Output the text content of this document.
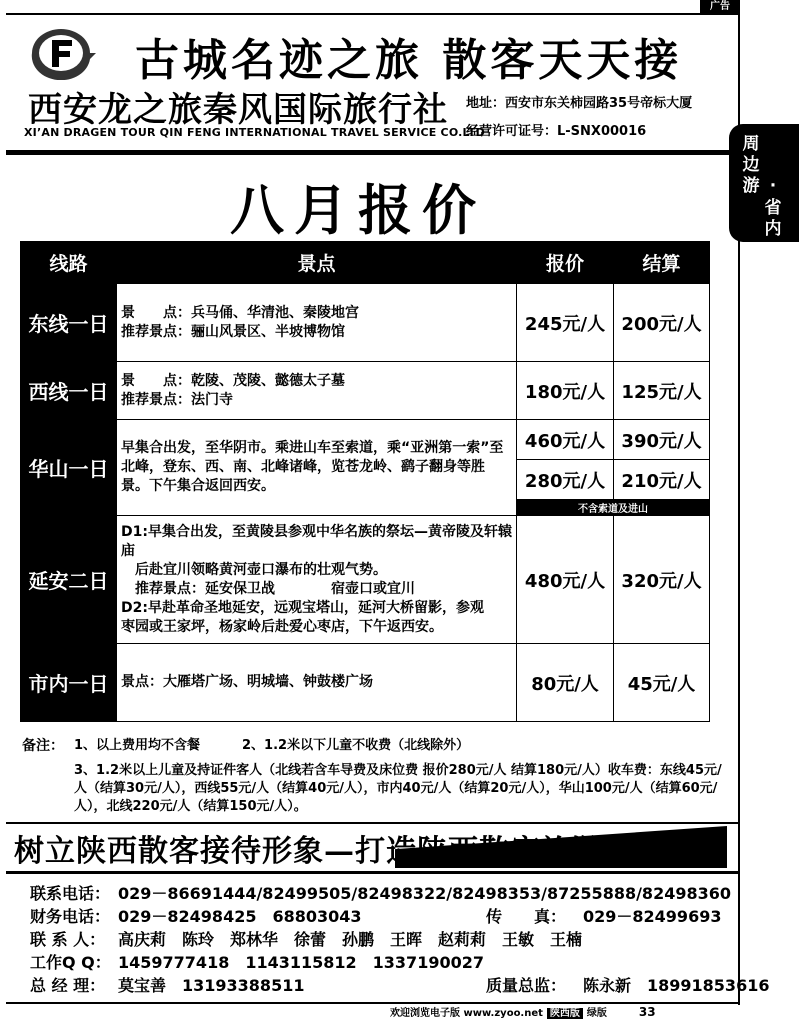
广告
古城名迹之旅 散客天天接
西安龙之旅秦风国际旅行社
XI’AN DRAGEN TOUR QIN FENG INTERNATIONAL TRAVEL SERVICE CO.LTD
地址：西安市东关柿园路35号帝标大厦
经营许可证号：L-SNX00016
周
边
游 ·
省
内
八月报价
线路	景点	报价	结算
东线一日	景　　点：兵马俑、华清池、秦陵地宫
推荐景点：骊山风景区、半坡博物馆	245元/人	200元/人
西线一日	景　　点：乾陵、茂陵、懿德太子墓
推荐景点：法门寺	180元/人	125元/人
华山一日	早集合出发，至华阴市。乘进山车至索道，乘“亚洲第一索”至北峰，登东、西、南、北峰诸峰，览苍龙岭、鹞子翻身等胜景。下午集合返回西安。	460元/人	390元/人
		280元/人	210元/人
		不含索道及进山	
延安二日	D1:早集合出发，至黄陵县参观中华名族的祭坛—黄帝陵及轩辕庙
　后赴宜川领略黄河壶口瀑布的壮观气势。
　推荐景点：延安保卫战　　　　宿壶口或宜川
D2:早赴革命圣地延安，远观宝塔山，延河大桥留影，参观
枣园或王家坪，杨家岭后赴爱心枣店，下午返西安。	480元/人	320元/人
市内一日	景点：大雁塔广场、明城墙、钟鼓楼广场	80元/人	45元/人
备注： 1、以上费用均不含餐	2、1.2米以下儿童不收费（北线除外）
3、1.2米以上儿童及持证件客人（北线若含车导费及床位费 报价280元/人 结算180元/人）收车费：东线45元/人（结算30元/人），西线55元/人（结算40元/人），市内40元/人（结算20元/人），华山100元/人（结算60元/人），北线220元/人（结算150元/人）。
树立陕西散客接待形象—打造陕西散客旅游品牌
联系电话： 029－86691444/82499505/82498322/82498353/87255888/82498360
财务电话： 029－82498425　68803043	传　　真： 029－82499693
联 系 人： 高庆莉　陈玲　郑林华　徐蕾　孙鹏　王晖　赵莉莉　王敏　王楠
工作Q Q： 1459777418　1143115812　1337190027
总 经 理： 莫宝善　13193388511	质量总监： 陈永新　18991853616
欢迎浏览电子版 www.zyoo.net 陕西版 绿版	33
